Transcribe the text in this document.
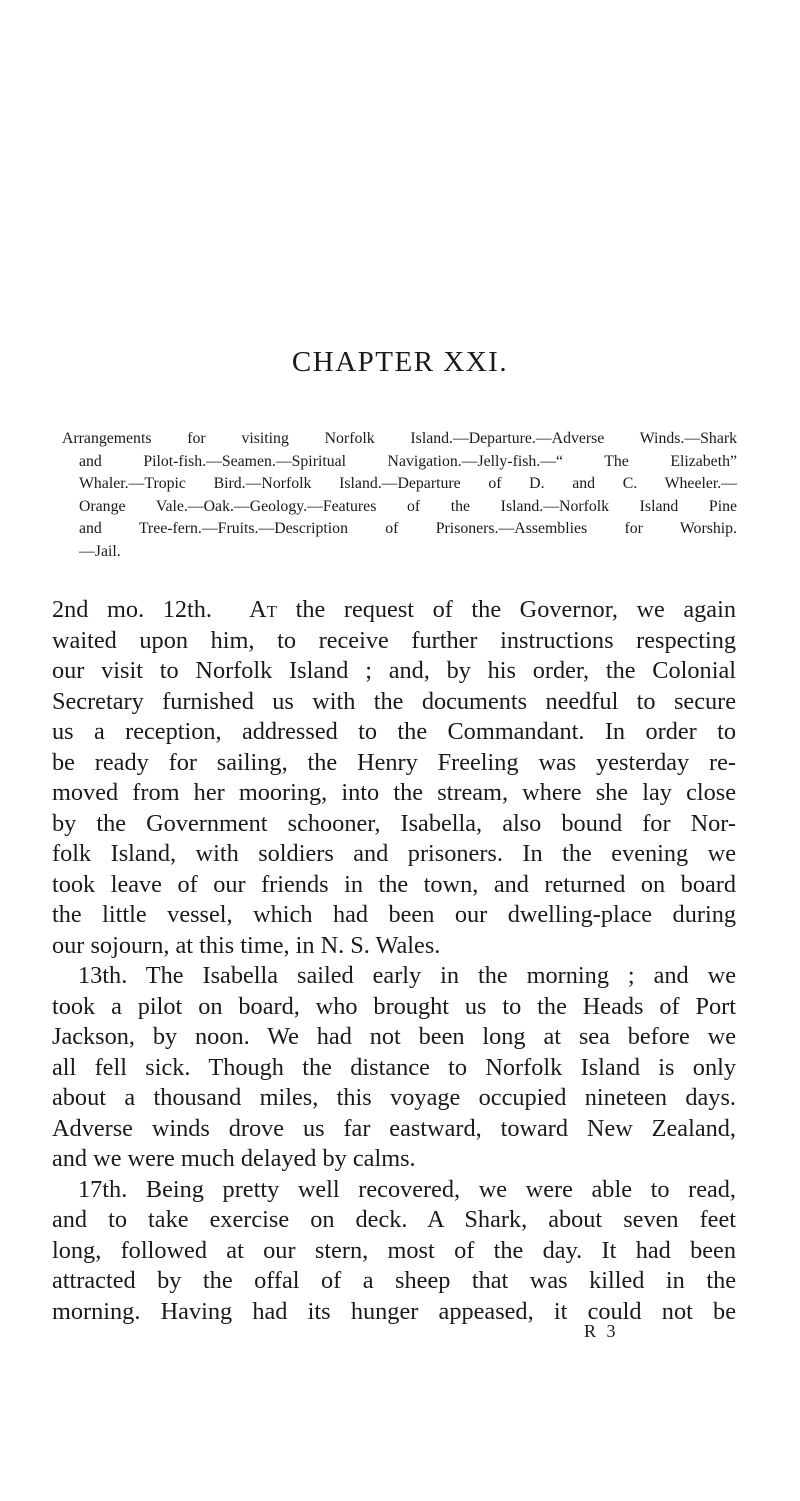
CHAPTER XXI.
Arrangements for visiting Norfolk Island.—Departure.—Adverse Winds.—Shark
and Pilot-fish.—Seamen.—Spiritual Navigation.—Jelly-fish.—“ The Elizabeth”
Whaler.—Tropic Bird.—Norfolk Island.—Departure of D. and C. Wheeler.—
Orange Vale.—Oak.—Geology.—Features of the Island.—Norfolk Island Pine
and Tree-fern.—Fruits.—Description of Prisoners.—Assemblies for Worship.
—Jail.
2nd mo. 12th. At the request of the Governor, we again
waited upon him, to receive further instructions respecting
our visit to Norfolk Island ; and, by his order, the Colonial
Secretary furnished us with the documents needful to secure
us a reception, addressed to the Commandant. In order to
be ready for sailing, the Henry Freeling was yesterday re-
moved from her mooring, into the stream, where she lay close
by the Government schooner, Isabella, also bound for Nor-
folk Island, with soldiers and prisoners. In the evening we
took leave of our friends in the town, and returned on board
the little vessel, which had been our dwelling-place during
our sojourn, at this time, in N. S. Wales.
13th. The Isabella sailed early in the morning ; and we
took a pilot on board, who brought us to the Heads of Port
Jackson, by noon. We had not been long at sea before we
all fell sick. Though the distance to Norfolk Island is only
about a thousand miles, this voyage occupied nineteen days.
Adverse winds drove us far eastward, toward New Zealand,
and we were much delayed by calms.
17th. Being pretty well recovered, we were able to read,
and to take exercise on deck. A Shark, about seven feet
long, followed at our stern, most of the day. It had been
attracted by the offal of a sheep that was killed in the
morning. Having had its hunger appeased, it could not be
R 3
